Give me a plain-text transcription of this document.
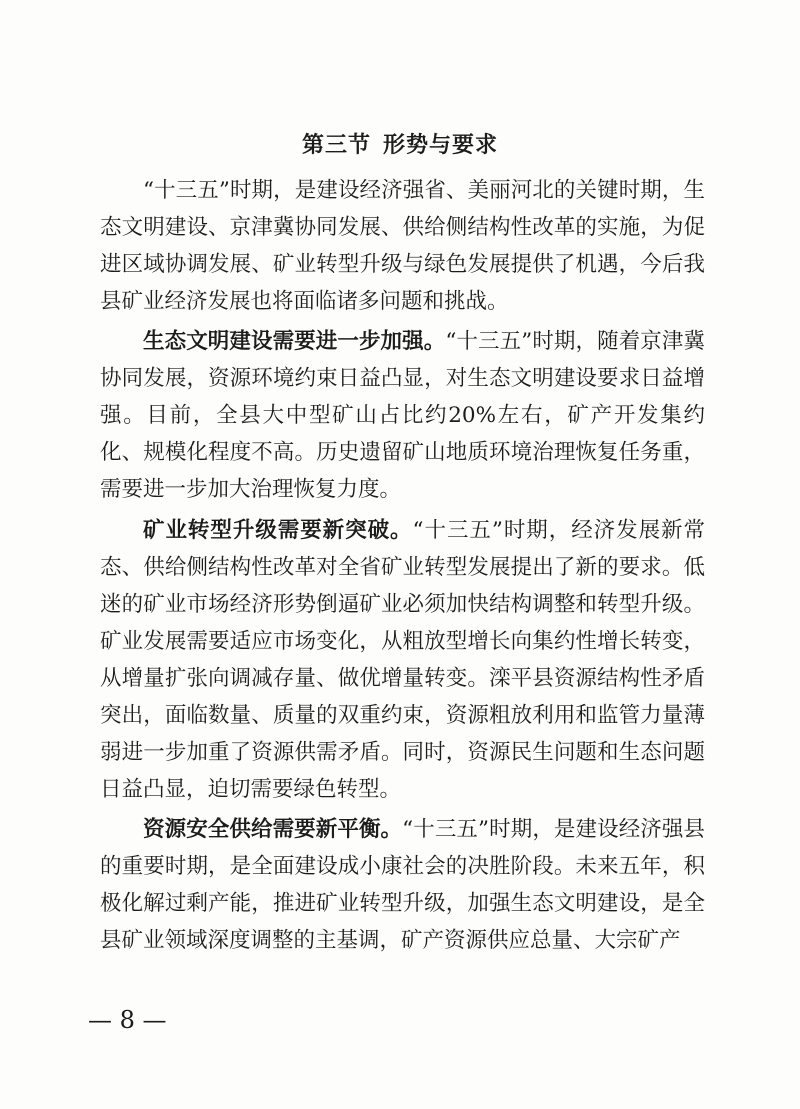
第三节 形势与要求

“十三五”时期，是建设经济强省、美丽河北的关键时期，生态文明建设、京津冀协同发展、供给侧结构性改革的实施，为促进区域协调发展、矿业转型升级与绿色发展提供了机遇，今后我县矿业经济发展也将面临诸多问题和挑战。

生态文明建设需要进一步加强。“十三五”时期，随着京津冀协同发展，资源环境约束日益凸显，对生态文明建设要求日益增强。目前，全县大中型矿山占比约20%左右，矿产开发集约化、规模化程度不高。历史遗留矿山地质环境治理恢复任务重，需要进一步加大治理恢复力度。

矿业转型升级需要新突破。“十三五”时期，经济发展新常态、供给侧结构性改革对全省矿业转型发展提出了新的要求。低迷的矿业市场经济形势倒逼矿业必须加快结构调整和转型升级。矿业发展需要适应市场变化，从粗放型增长向集约性增长转变，从增量扩张向调减存量、做优增量转变。滦平县资源结构性矛盾突出，面临数量、质量的双重约束，资源粗放利用和监管力量薄弱进一步加重了资源供需矛盾。同时，资源民生问题和生态问题日益凸显，迫切需要绿色转型。

资源安全供给需要新平衡。“十三五”时期，是建设经济强县的重要时期，是全面建设成小康社会的决胜阶段。未来五年，积极化解过剩产能，推进矿业转型升级，加强生态文明建设，是全县矿业领域深度调整的主基调，矿产资源供应总量、大宗矿产

— 8 —
